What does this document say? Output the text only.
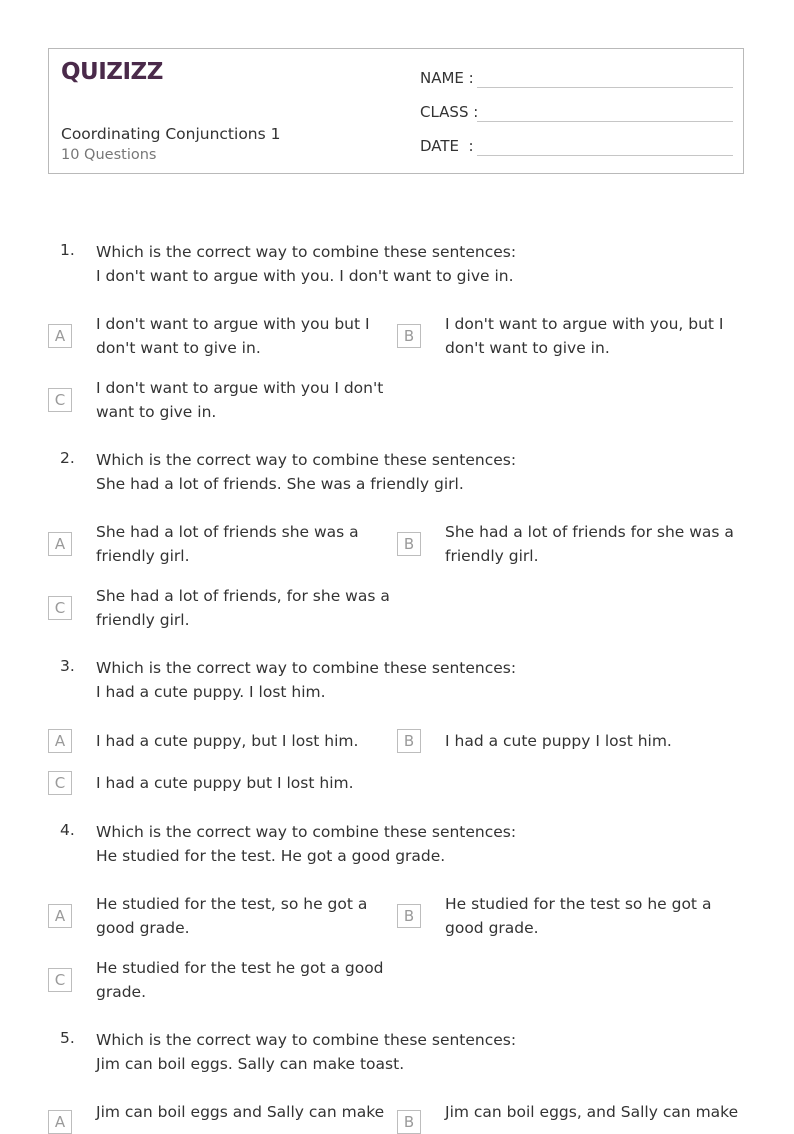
QUIZIZZ
Coordinating Conjunctions 1
10 Questions
NAME :
CLASS :
DATE  :
1. Which is the correct way to combine these sentences:
I don't want to argue with you. I don't want to give in.
A
I don't want to argue with you but I don't want to give in.
B
I don't want to argue with you, but I don't want to give in.
C
I don't want to argue with you I don't want to give in.
2. Which is the correct way to combine these sentences:
She had a lot of friends. She was a friendly girl.
A
She had a lot of friends she was a friendly girl.
B
She had a lot of friends for she was a friendly girl.
C
She had a lot of friends, for she was a friendly girl.
3. Which is the correct way to combine these sentences:
I had a cute puppy. I lost him.
A	I had a cute puppy, but I lost him.	B	I had a cute puppy I lost him.
C	I had a cute puppy but I lost him.
4. Which is the correct way to combine these sentences:
He studied for the test. He got a good grade.
A
He studied for the test, so he got a good grade.
B
He studied for the test so he got a good grade.
C
He studied for the test he got a good grade.
5. Which is the correct way to combine these sentences:
Jim can boil eggs. Sally can make toast.
A
Jim can boil eggs and Sally can make
B
Jim can boil eggs, and Sally can make
